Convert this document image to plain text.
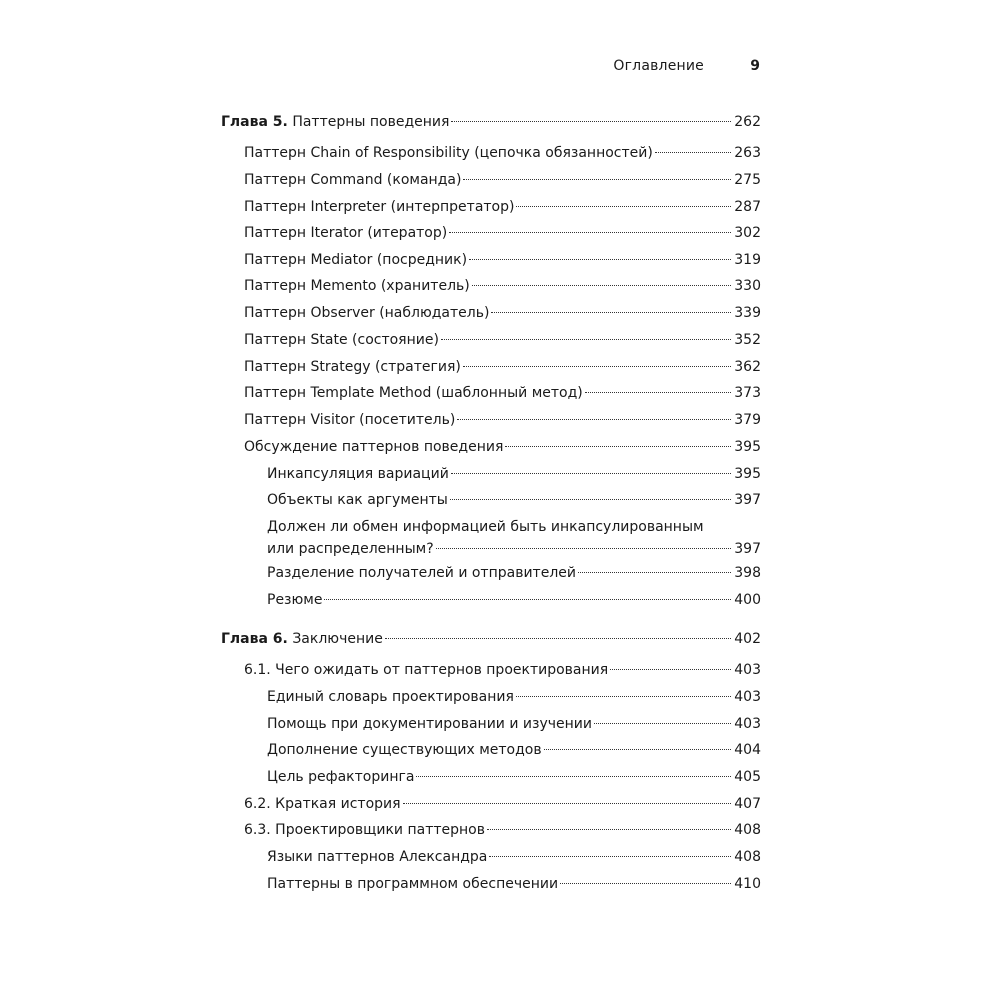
Оглавление	9
Глава 5. Паттерны поведения	262
Паттерн Chain of Responsibility (цепочка обязанностей)	263
Паттерн Command (команда)	275
Паттерн Interpreter (интерпретатор)	287
Паттерн Iterator (итератор)	302
Паттерн Mediator (посредник)	319
Паттерн Memento (хранитель)	330
Паттерн Observer (наблюдатель)	339
Паттерн State (состояние)	352
Паттерн Strategy (стратегия)	362
Паттерн Template Method (шаблонный метод)	373
Паттерн Visitor (посетитель)	379
Обсуждение паттернов поведения	395
Инкапсуляция вариаций	395
Объекты как аргументы	397
Должен ли обмен информацией быть инкапсулированным
или распределенным?	397
Разделение получателей и отправителей	398
Резюме	400
Глава 6. Заключение	402
6.1. Чего ожидать от паттернов проектирования	403
Единый словарь проектирования	403
Помощь при документировании и изучении	403
Дополнение существующих методов	404
Цель рефакторинга	405
6.2. Краткая история	407
6.3. Проектировщики паттернов	408
Языки паттернов Александра	408
Паттерны в программном обеспечении	410
